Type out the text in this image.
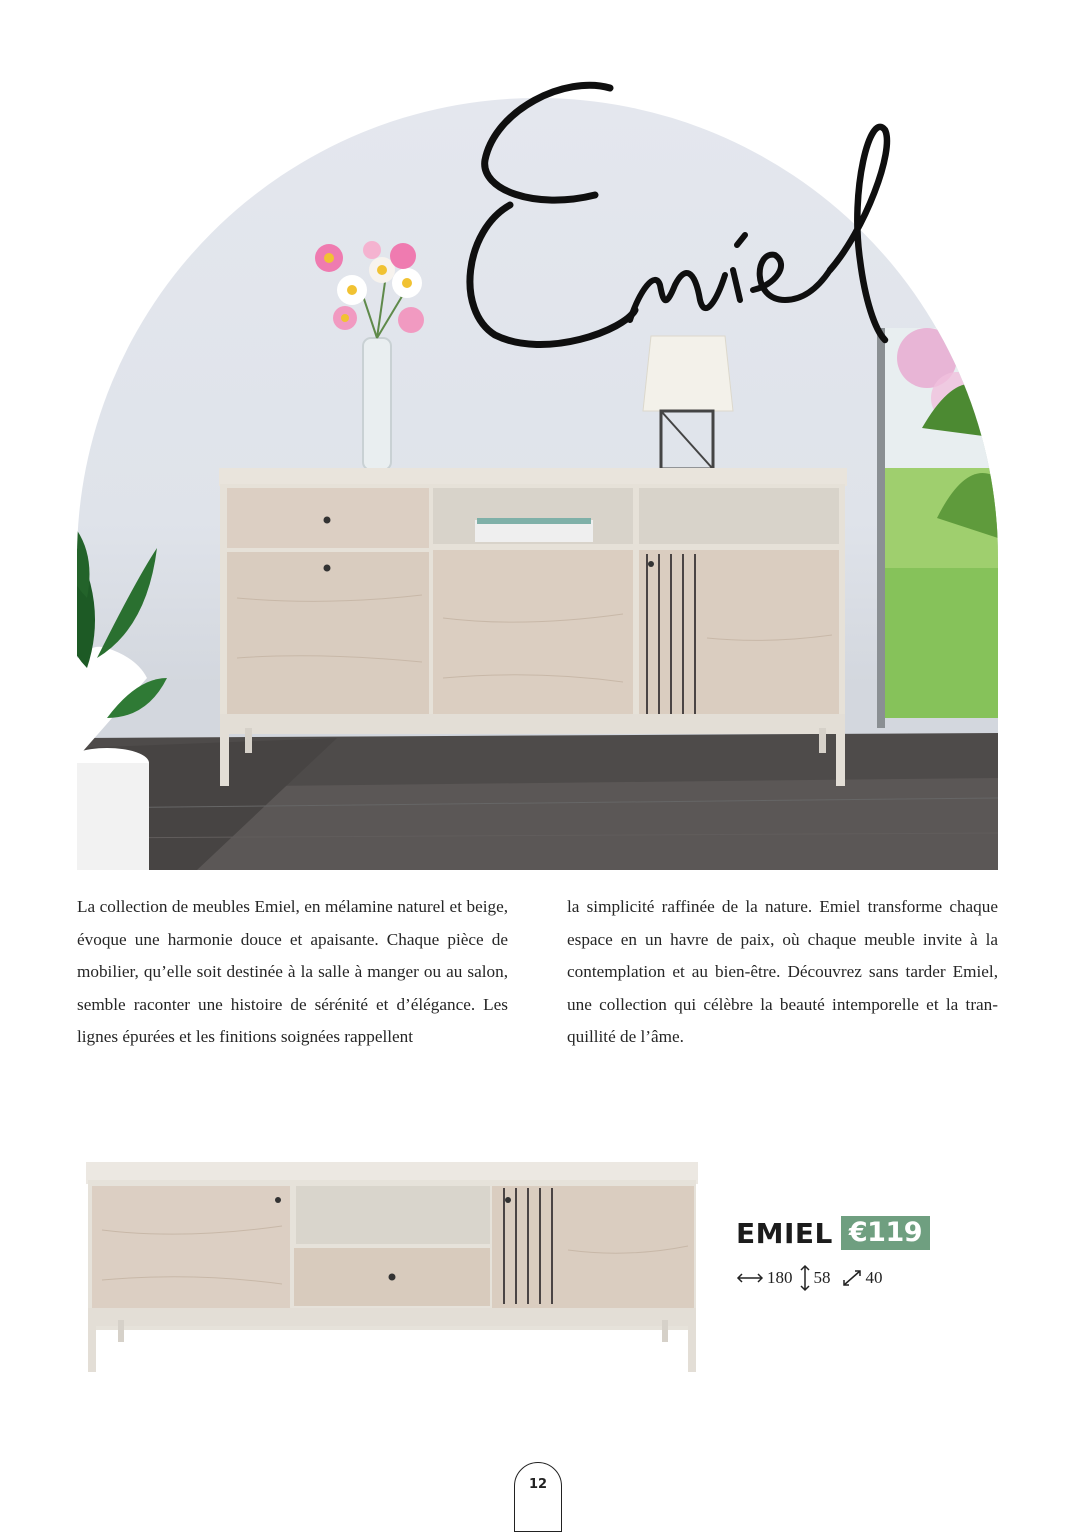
Emiel
La collection de meubles Emiel, en mélamine naturel et beige, évoque une harmonie douce et apaisante. Chaque pièce de mobilier, qu’elle soit destinée à la salle à manger ou au salon, semble raconter une histoire de sérénité et d’élégance. Les lignes épurées et les finitions soignées rappellent
la simplicité raffinée de la nature. Emiel transforme chaque espace en un havre de paix, où chaque meuble invite à la contemplation et au bien-être. Découvrez sans tarder Emiel, une collection qui célèbre la beauté intemporelle et la tranquillité de l’âme.
EMIEL €119
180 58 40
12
